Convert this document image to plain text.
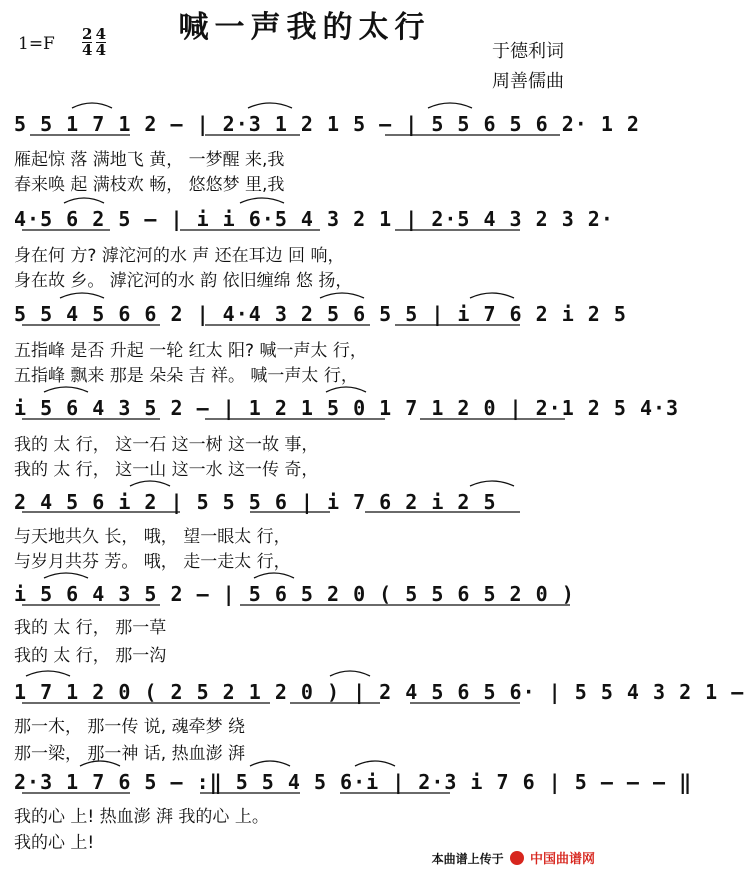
喊一声我的太行
$1=F \frac{2}{4}$
$\frac{4}{4}$	于德利词
周善儒曲
5 5 1 7 1 2 – | 2·3 1 2 1 5 – | 5 5 6 5 6 2· 1 2
雁起惊 落 满地飞 黄， 一梦醒 来,我
春来唤 起 满枝欢 畅， 悠悠梦 里,我
4·5 6 2 5 – | i i 6·5 4 3 2 1 | 2·5 4 3 2 3 2·
身在何 方? 滹沱河的水 声 还在耳边 回 响，
身在故 乡。 滹沱河的水 韵 依旧缠绵 悠 扬，
5 5 4 5 6 6 2 | 4·4 3 2 5 6 5 5 | i 7 6 2 i 2 5
五指峰 是否 升起 一轮 红太 阳? 喊一声太 行，
五指峰 飘来 那是 朵朵 吉 祥。 喊一声太 行，
i 5 6 4 3 5 2 – | 1 2 1 5 0 1 7 1 2 0 | 2·1 2 5 4·3
我的 太 行， 这一石 这一树 这一故 事，
我的 太 行， 这一山 这一水 这一传 奇，
2 4 5 6 i 2 | 5 5 5 6 | i 7 6 2 i 2 5
与天地共久 长， 哦， 望一眼太 行，
与岁月共芬 芳。 哦， 走一走太 行，
i 5 6 4 3 5 2 – | 5 6 5 2 0 ( 5 5 6 5 2 0 )
我的 太 行， 那一草
我的 太 行， 那一沟
1 7 1 2 0 ( 2 5 2 1 2 0 ) | 2 4 5 6 5 6· | 5 5 4 3 2 1 –
那一木， 那一传 说, 魂牵梦 绕
那一梁， 那一神 话, 热血澎 湃
2·3 1 7 6 5 – :‖ 5 5 4 5 6·i | 2·3 i 7 6 | 5 – – – ‖
我的心 上! 热血澎 湃 我的心 上。
我的心 上!
本曲谱上传于 中国曲谱网
